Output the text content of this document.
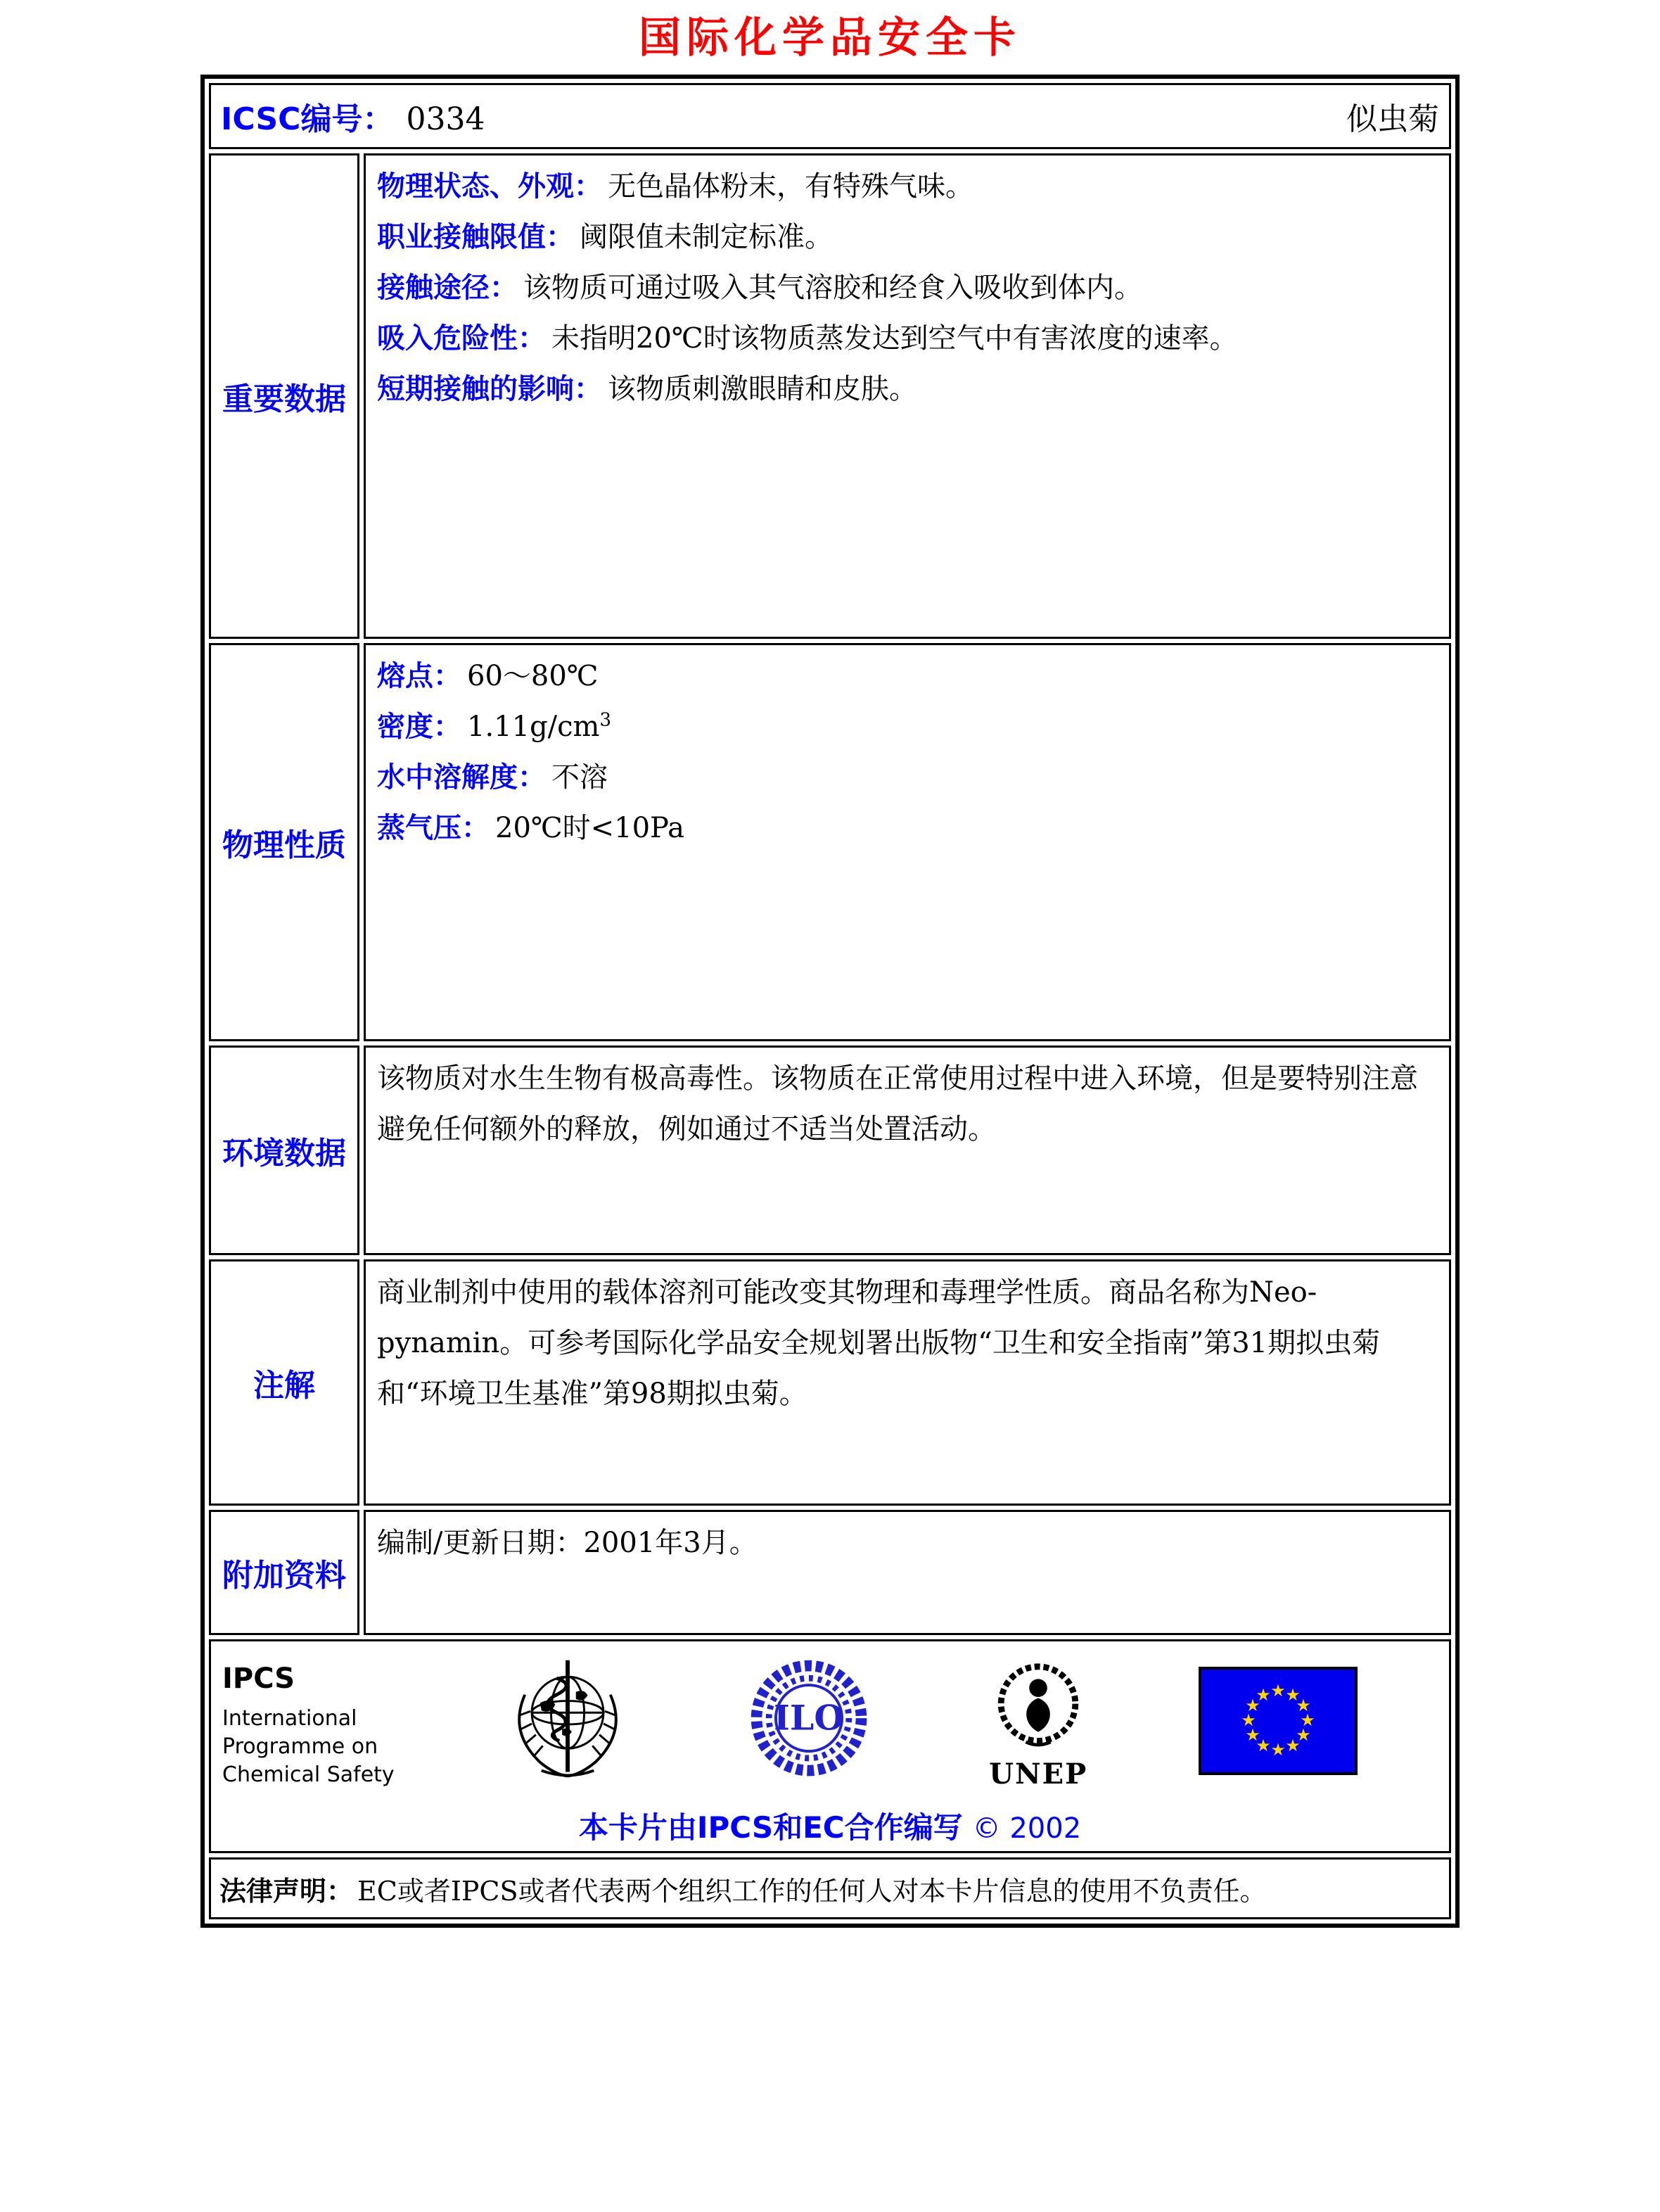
国际化学品安全卡
ICSC编号： 0334 似虫菊	

重要数据	物理状态、外观： 无色晶体粉末，有特殊气味。
职业接触限值： 阈限值未制定标准。
接触途径： 该物质可通过吸入其气溶胶和经食入吸收到体内。
吸入危险性： 未指明20℃时该物质蒸发达到空气中有害浓度的速率。
短期接触的影响： 该物质刺激眼睛和皮肤。

物理性质	熔点： 60～80℃
密度： $1.11g/cm^3$
水中溶解度： 不溶
蒸气压： 20℃时<10Pa

环境数据	该物质对水生生物有极高毒性。该物质在正常使用过程中进入环境，但是要特别注意避免任何额外的释放，例如通过不适当处置活动。
注解	商业制剂中使用的载体溶剂可能改变其物理和毒理学性质。商品名称为Neo-pynamin。可参考国际化学品安全规划署出版物“卫生和安全指南”第31期拟虫菊和“环境卫生基准”第98期拟虫菊。
附加资料	编制/更新日期：2001年3月。

IPCS
International
Programme on
Chemical Safety
ILO
UNEP
★ ★
★
★
★
★
★
★
★
★
★
★
本卡片由IPCS和EC合作编写 © 2002

法律声明： EC或者IPCS或者代表两个组织工作的任何人对本卡片信息的使用不负责任。	
